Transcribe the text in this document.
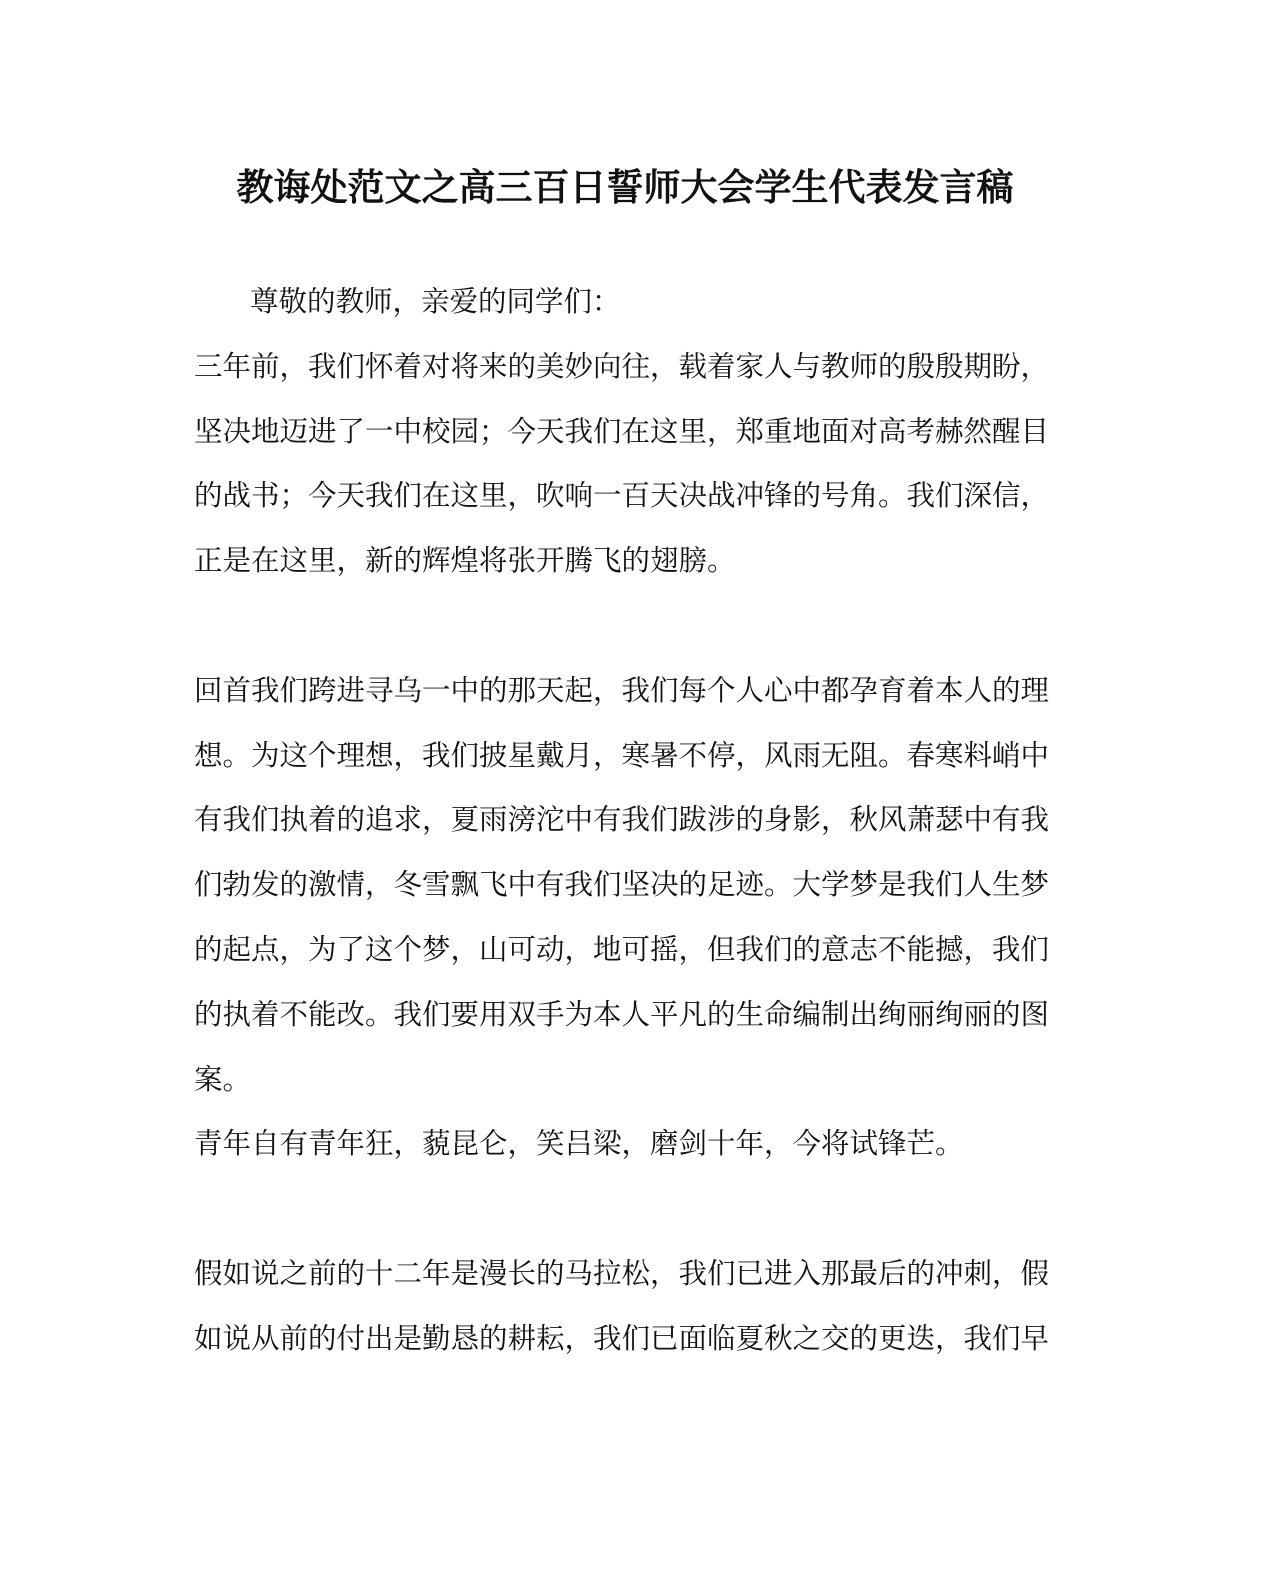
教诲处范文之高三百日誓师大会学生代表发言稿
尊敬的教师，亲爱的同学们：
三年前，我们怀着对将来的美妙向往，载着家人与教师的殷殷期盼，
坚决地迈进了一中校园；今天我们在这里，郑重地面对高考赫然醒目
的战书；今天我们在这里，吹响一百天决战冲锋的号角。我们深信，
正是在这里，新的辉煌将张开腾飞的翅膀。
回首我们跨进寻乌一中的那天起，我们每个人心中都孕育着本人的理
想。为这个理想，我们披星戴月，寒暑不停，风雨无阻。春寒料峭中
有我们执着的追求，夏雨滂沱中有我们跋涉的身影，秋风萧瑟中有我
们勃发的激情，冬雪飘飞中有我们坚决的足迹。大学梦是我们人生梦
的起点，为了这个梦，山可动，地可摇，但我们的意志不能撼，我们
的执着不能改。我们要用双手为本人平凡的生命编制出绚丽绚丽的图
案。
青年自有青年狂，藐昆仑，笑吕梁，磨剑十年，今将试锋芒。
假如说之前的十二年是漫长的马拉松，我们已进入那最后的冲刺，假
如说从前的付出是勤恳的耕耘，我们已面临夏秋之交的更迭，我们早
